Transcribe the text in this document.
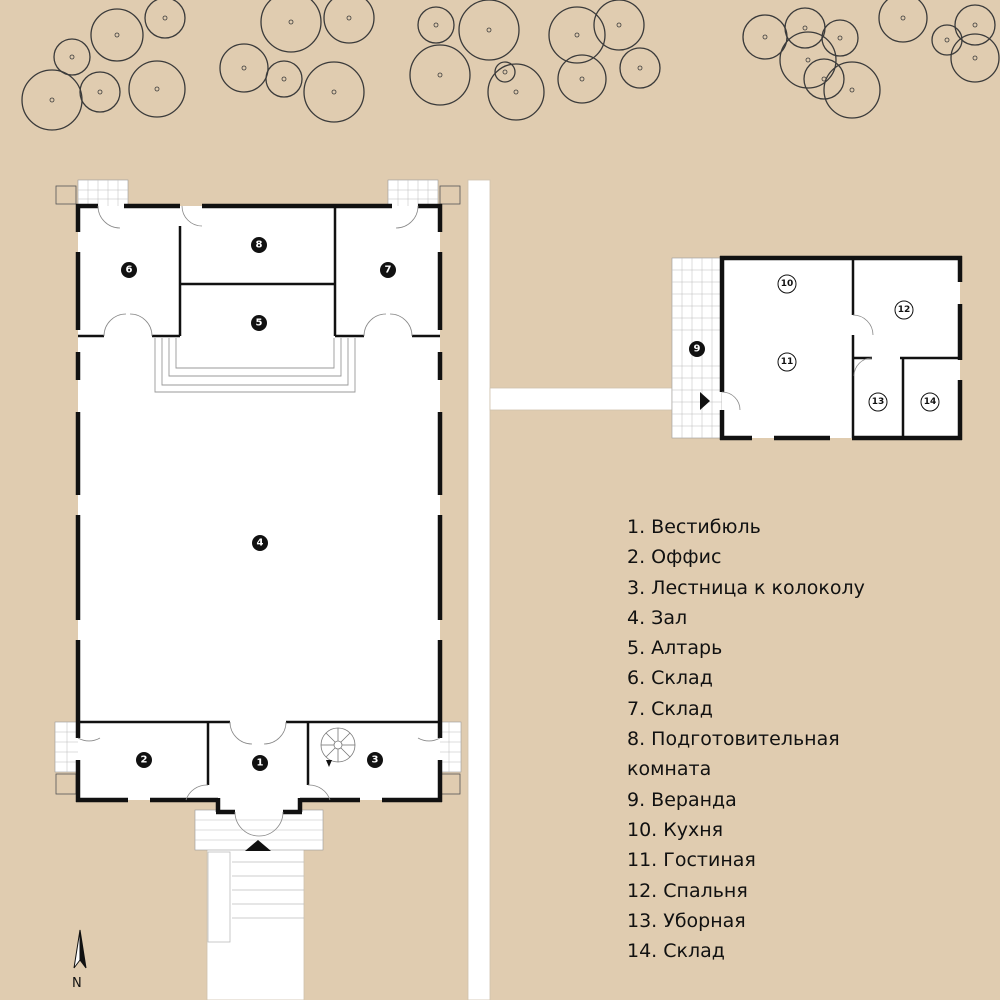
1
2	3
4
5
6	7
8
9
10
11
12
13	14
N
1. Вестибюль
2. Оффис
3. Лестница к колоколу
4. Зал
5. Алтарь
6. Склад
7. Склад
8. Подготовительная комната
9. Веранда
10. Кухня
11. Гостиная
12. Спальня
13. Уборная
14. Склад
